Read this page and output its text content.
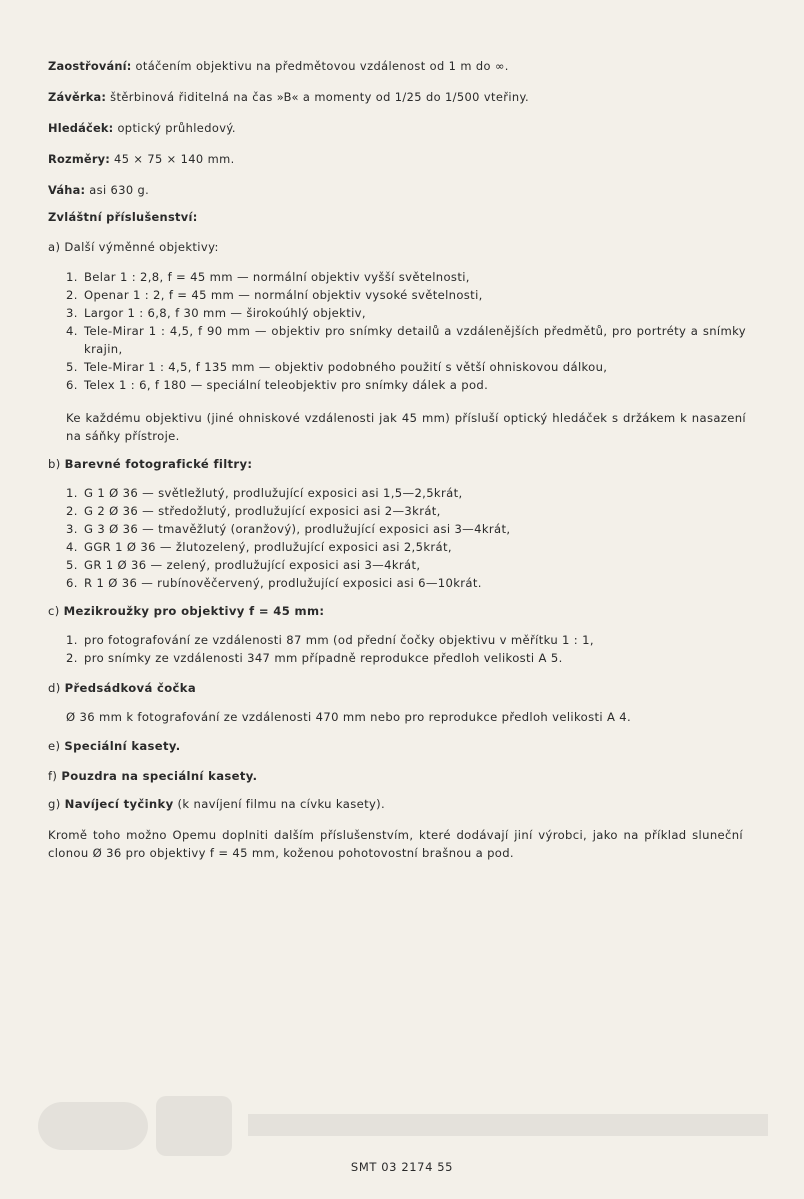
Zaostřování: otáčením objektivu na předmětovou vzdálenost od 1 m do ∞.
Závěrka: štěrbinová řiditelná na čas »B« a momenty od 1/25 do 1/500 vteřiny.
Hledáček: optický průhledový.
Rozměry: 45 × 75 × 140 mm.
Váha: asi 630 g.
Zvláštní příslušenství:
a) Další výměnné objektivy:
1. Belar 1 : 2,8, f = 45 mm — normální objektiv vyšší světelnosti,
2. Openar 1 : 2, f = 45 mm — normální objektiv vysoké světelnosti,
3. Largor 1 : 6,8, f 30 mm — širokoúhlý objektiv,
4. Tele-Mirar 1 : 4,5, f 90 mm — objektiv pro snímky detailů a vzdálenějších předmětů, pro portréty a snímky krajin,
5. Tele-Mirar 1 : 4,5, f 135 mm — objektiv podobného použití s větší ohniskovou dálkou,
6. Telex 1 : 6, f 180 — speciální teleobjektiv pro snímky dálek a pod.
Ke každému objektivu (jiné ohniskové vzdálenosti jak 45 mm) přísluší optický hledáček s držákem k nasazení na sáňky přístroje.
b) Barevné fotografické filtry:
1. G 1 Ø 36 — světležlutý, prodlužující exposici asi 1,5—2,5krát,
2. G 2 Ø 36 — středožlutý, prodlužující exposici asi 2—3krát,
3. G 3 Ø 36 — tmavěžlutý (oranžový), prodlužující exposici asi 3—4krát,
4. GGR 1 Ø 36 — žlutozelený, prodlužující exposici asi 2,5krát,
5. GR 1 Ø 36 — zelený, prodlužující exposici asi 3—4krát,
6. R 1 Ø 36 — rubínověčervený, prodlužující exposici asi 6—10krát.
c) Mezikroužky pro objektivy f = 45 mm:
1. pro fotografování ze vzdálenosti 87 mm (od přední čočky objektivu v měřítku 1 : 1,
2. pro snímky ze vzdálenosti 347 mm případně reprodukce předloh velikosti A 5.
d) Předsádková čočka
Ø 36 mm k fotografování ze vzdálenosti 470 mm nebo pro reprodukce předloh velikosti A 4.
e) Speciální kasety.
f) Pouzdra na speciální kasety.
g) Navíjecí tyčinky (k navíjení filmu na cívku kasety).
Kromě toho možno Opemu doplniti dalším příslušenstvím, které dodávají jiní výrobci, jako na příklad sluneční clonou Ø 36 pro objektivy f = 45 mm, koženou pohotovostní brašnou a pod.
SMT 03 2174 55
